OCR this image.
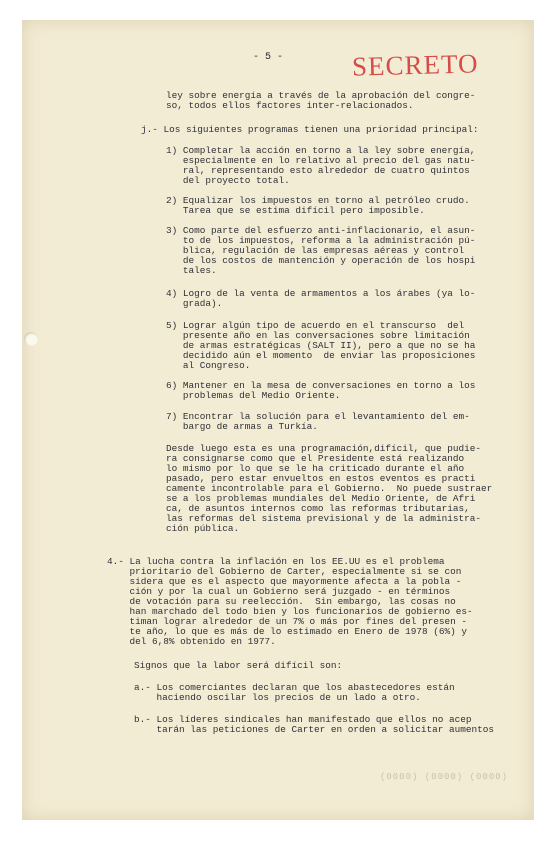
- 5 -	SECRETO

ley sobre energía a través de la aprobación del congre-

so, todos ellos factores inter-relacionados.

j.- Los siguientes programas tienen una prioridad principal:

1) Completar la acción en torno a la ley sobre energía,

especialmente en lo relativo al precio del gas natu-

ral, representando esto alrededor de cuatro quintos

del proyecto total.

2) Equalizar los impuestos en torno al petróleo crudo.

Tarea que se estima difícil pero imposible.

3) Como parte del esfuerzo anti-inflacionario, el asun-

to de los impuestos, reforma a la administración pú-

blica, regulación de las empresas aéreas y control

de los costos de mantención y operación de los hospi

tales.

4) Logro de la venta de armamentos a los árabes (ya lo-

grada).

5) Lograr algún tipo de acuerdo en el transcurso  del

presente año en las conversaciones sobre limitación

de armas estratégicas (SALT II), pero a que no se ha

decidido aún el momento  de enviar las proposiciones

al Congreso.

6) Mantener en la mesa de conversaciones en torno a los

problemas del Medio Oriente.

7) Encontrar la solución para el levantamiento del em-

bargo de armas a Turkía.

Desde luego esta es una programación,difícil, que pudie-

ra consignarse como que el Presidente está realizando

lo mismo por lo que se le ha criticado durante el año

pasado, pero estar envueltos en estos eventos es practi

camente incontrolable para el Gobierno.  No puede sustraer

se a los problemas mundiales del Medio Oriente, de Afri

ca, de asuntos internos como las reformas tributarias,

las reformas del sistema previsional y de la administra-

ción pública.

4.- La lucha contra la inflación en los EE.UU es el problema

prioritario del Gobierno de Carter, especialmente si se con

sidera que es el aspecto que mayormente afecta a la pobla -

ción y por la cual un Gobierno será juzgado - en términos

de votación para su reelección.  Sin embargo, las cosas no

han marchado del todo bien y los funcionarios de gobierno es-

timan lograr alrededor de un 7% o más por fines del presen -

te año, lo que es más de lo estimado en Enero de 1978 (6%) y

del 6,8% obtenido en 1977.

Signos que la labor será difícil son:

a.- Los comerciantes declaran que los abastecedores están

haciendo oscilar los precios de un lado a otro.

b.- Los líderes sindicales han manifestado que ellos no acep

tarán las peticiones de Carter en orden a solicitar aumentos

(0000) (0000) (0000)
